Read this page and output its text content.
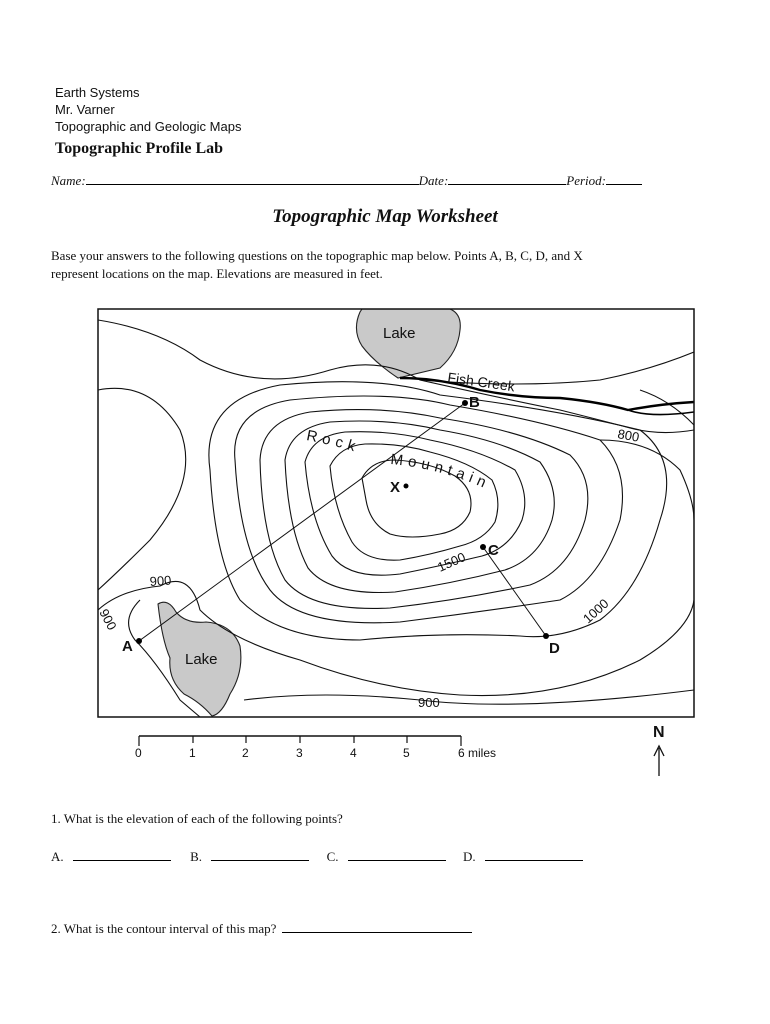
Earth Systems
Mr. Varner
Topographic and Geologic Maps
Topographic Profile Lab
Name:	Date:	Period:
Topographic Map Worksheet
Base your answers to the following questions on the topographic map below. Points A, B, C, D, and X
represent locations on the map. Elevations are measured in feet.
Lake
Lake
Fish Creek
Rock
Mountain
800
900
900
900
1000
1500
A
B
C
D
X
0	1	2	3	4	5	6 miles
N
1. What is the elevation of each of the following points?
A.	B.	C.	D.
2. What is the contour interval of this map?
